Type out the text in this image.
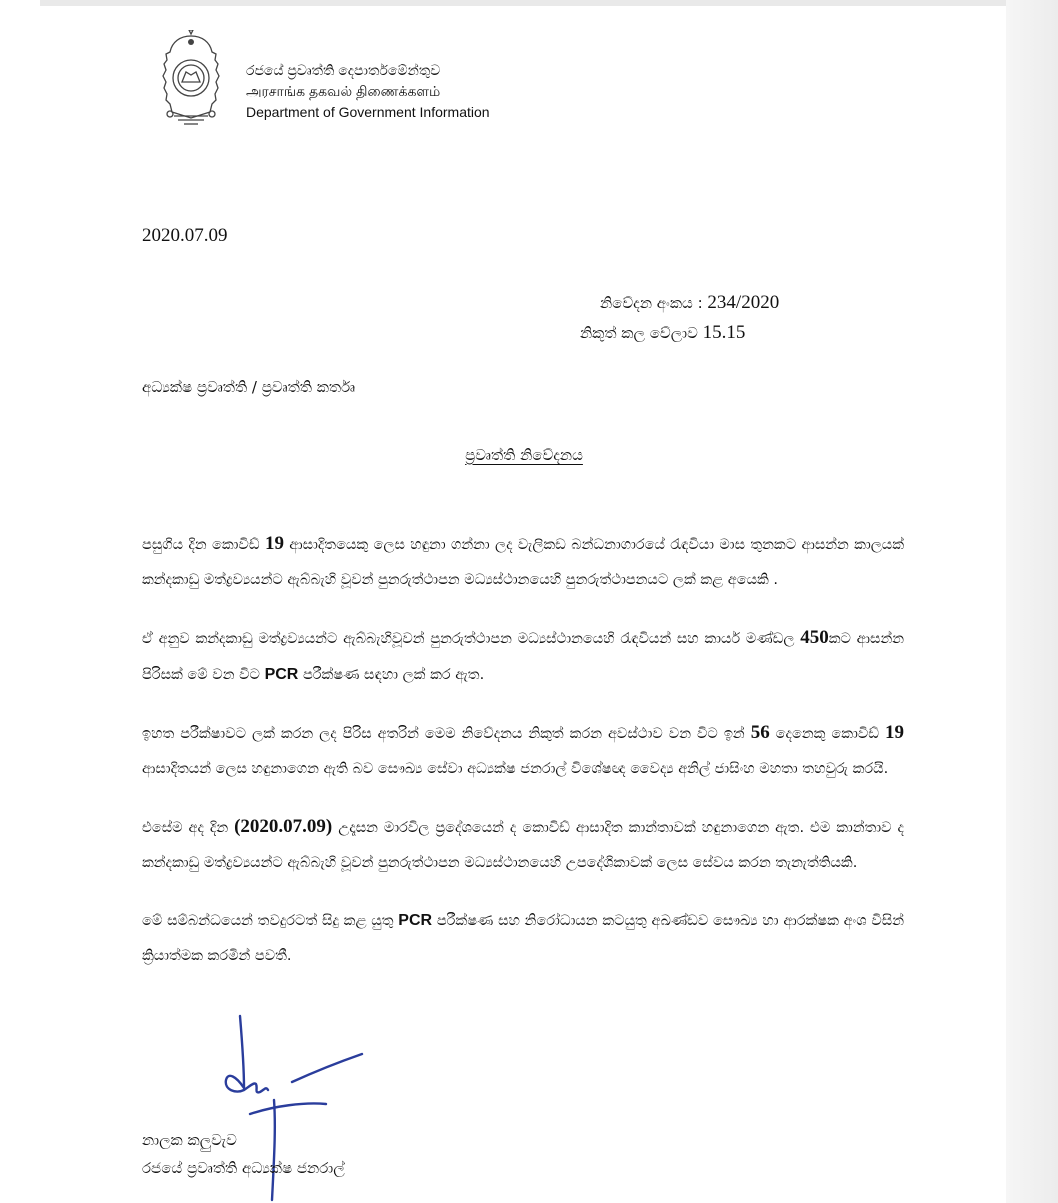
රජයේ ප්‍රවෘත්ති දෙපාර්තමේන්තුව
அரசாங்க தகவல் திணைக்களம்
Department of Government Information
2020.07.09
නිවේදන අංකය : 234/2020
නිකුත් කල වේලාව 15.15
අධ්‍යක්ෂ ප්‍රවෘත්ති / ප්‍රවෘත්ති කර්තෘ
ප්‍රවෘත්ති නිවේදනය

පසුගිය දින කොවිඩ් 19 ආසාදිතයෙකු ලෙස හඳුනා ගන්නා ලද වැලිකඩ බන්ධනාගාරයේ රැඳවියා මාස තුනකට ආසන්න කාලයක් කන්දකාඩු මත්ද්‍රව්‍යයන්ට ඇබ්බැහි වූවන් පුනරුත්ථාපන මධ්‍යස්ථානයෙහි පුනරුත්ථාපනයට ලක් කළ අයෙකි .

ඒ අනුව කන්දකාඩු මත්ද්‍රව්‍යයන්ට ඇබ්බැහිවූවන් පුනරුත්ථාපන මධ්‍යස්ථානයෙහි රැඳවියන් සහ කාර්ය මණ්ඩල 450කට ආසන්න පිරිසක් මේ වන විට PCR පරීක්ෂණ සඳහා ලක් කර ඇත.

ඉහත පරීක්ෂාවට ලක් කරන ලද පිරිස අතරින් මෙම නිවේදනය නිකුත් කරන අවස්ථාව වන විට ඉන් 56 දෙනෙකු කොවිඩ් 19 ආසාදිතයන් ලෙස හඳුනාගෙන ඇති බව සෞඛ්‍ය සේවා අධ්‍යක්ෂ ජනරාල් විශේෂඥ වෛද්‍ය අනිල් ජාසිංහ මහතා තහවුරු කරයි.

එසේම අද දින (2020.07.09) උදෑසන මාරවිල ප්‍රදේශයෙන් ද කොවිඩ් ආසාදිත කාන්තාවක් හඳුනාගෙන ඇත. එම කාන්තාව ද කන්දකාඩු මත්ද්‍රව්‍යයන්ට ඇබ්බැහි වූවන් පුනරුත්ථාපන මධ්‍යස්ථානයෙහි උපදේශිකාවක් ලෙස සේවය කරන තැනැත්තියකි.

මේ සම්බන්ධයෙන් තවදුරටත් සිදු කළ යුතු PCR පරීක්ෂණ සහ නිරෝධායන කටයුතු අඛණ්ඩව සෞඛ්‍ය හා ආරක්ෂක අංශ විසින් ක්‍රියාත්මක කරමින් පවතී.

නාලක කලුවැව
රජයේ ප්‍රවෘත්ති අධ්‍යක්ෂ ජනරාල්
